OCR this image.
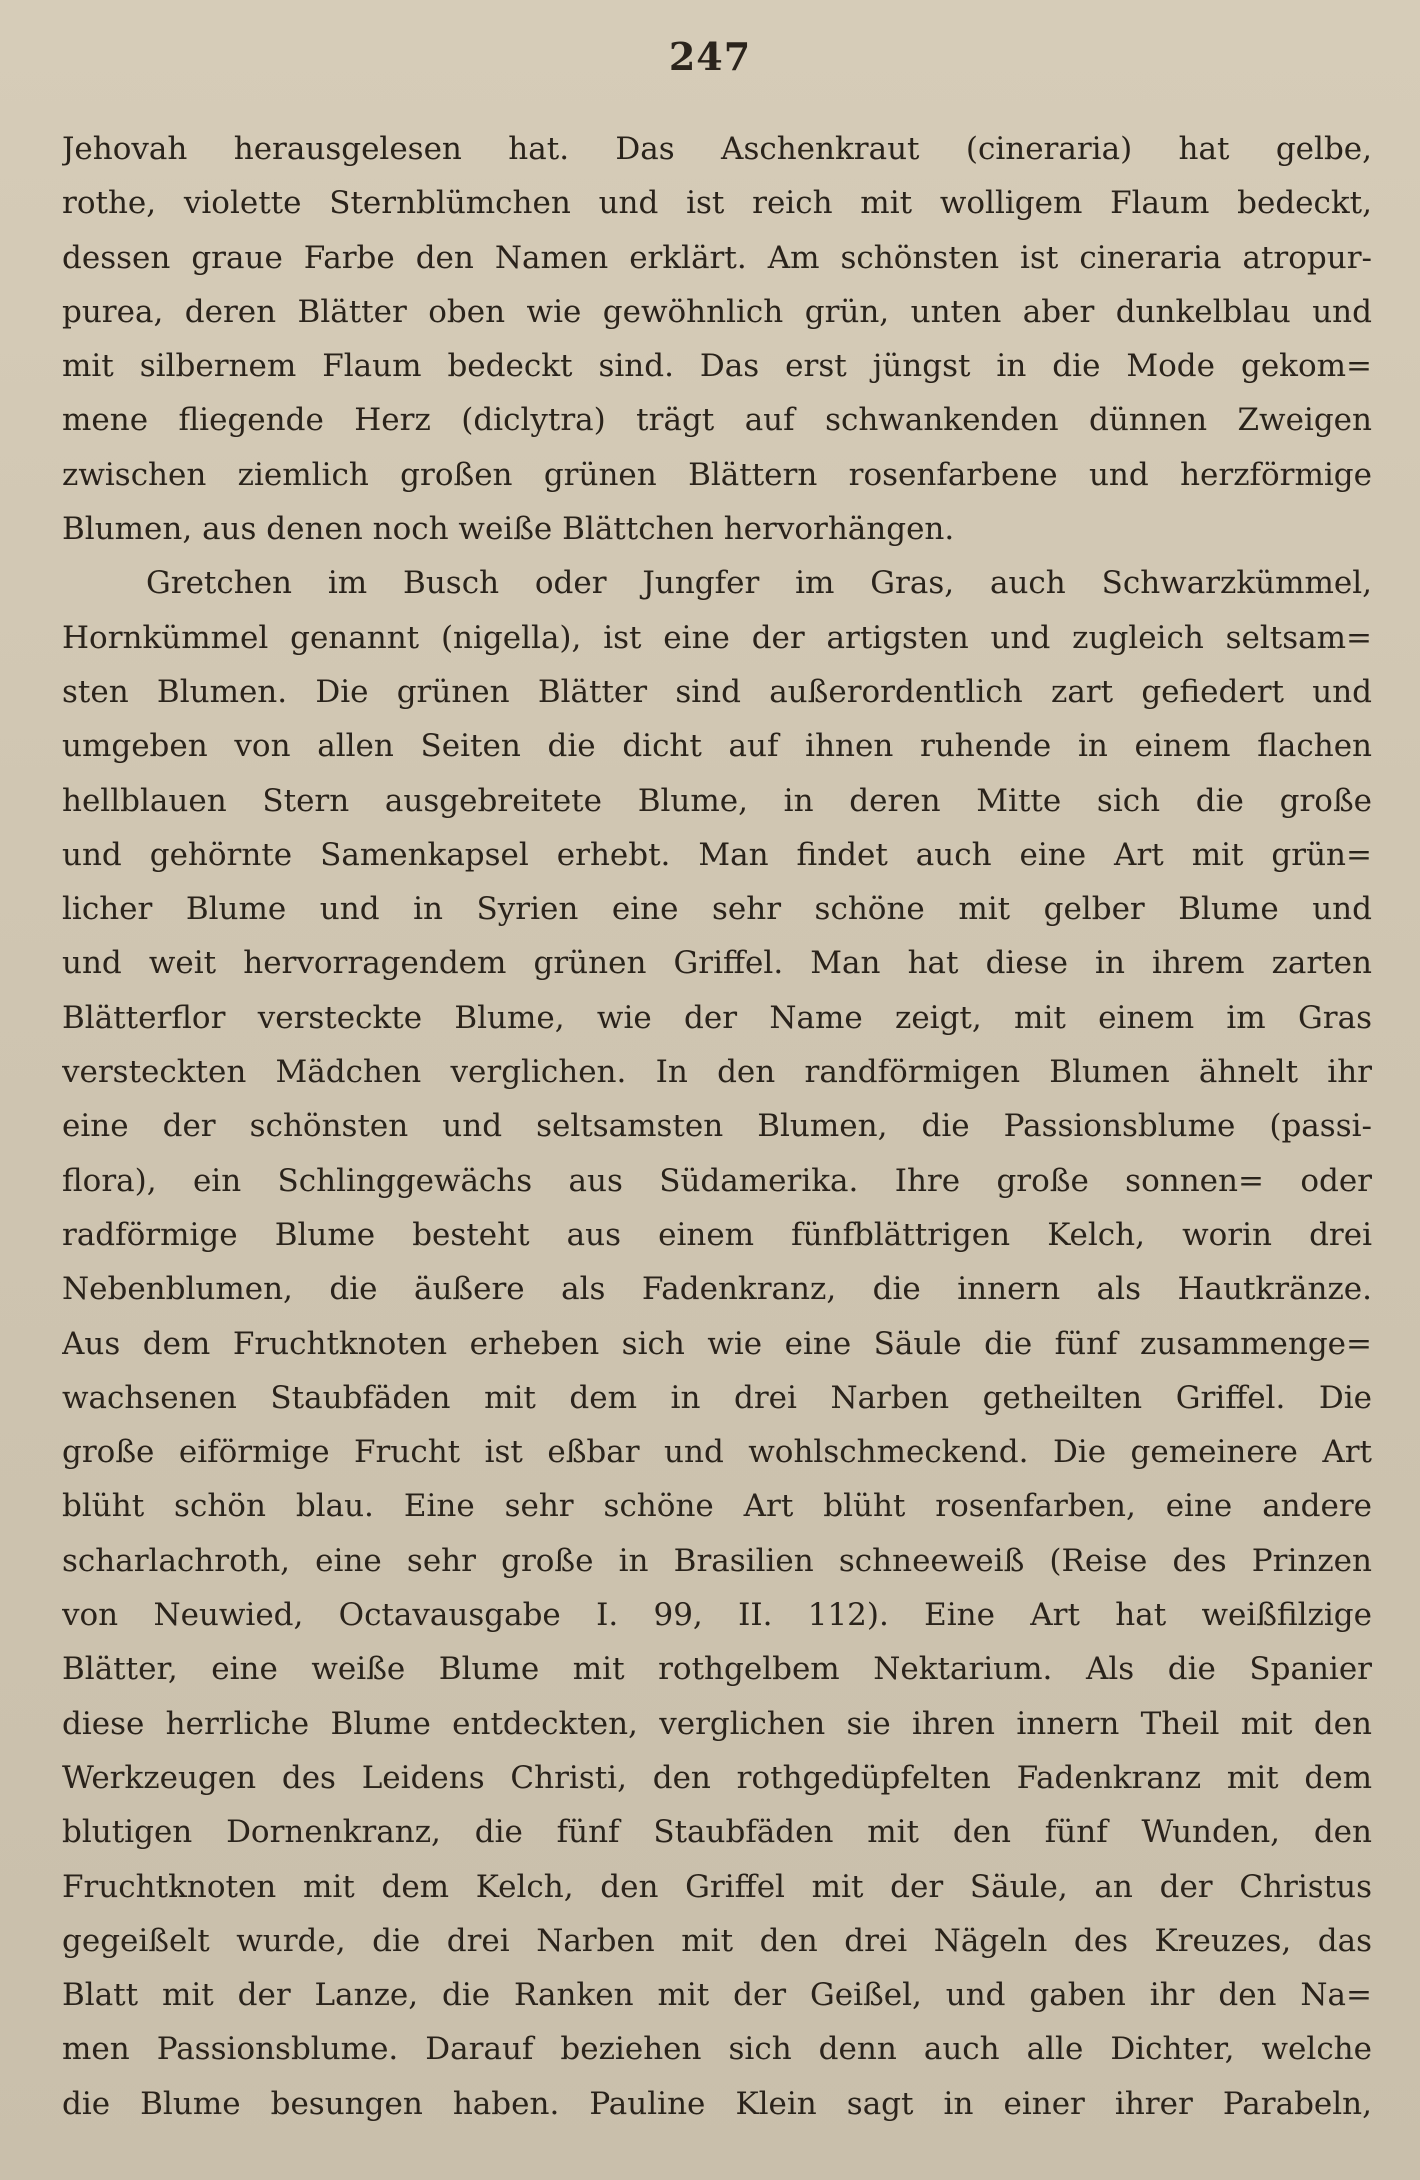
247
Jehovah herausgelesen hat. Das Aschenkraut (cineraria) hat gelbe,
rothe, violette Sternblümchen und ist reich mit wolligem Flaum bedeckt,
dessen graue Farbe den Namen erklärt. Am schönsten ist cineraria atropur-
purea, deren Blätter oben wie gewöhnlich grün, unten aber dunkelblau und
mit silbernem Flaum bedeckt sind. Das erst jüngst in die Mode gekom=
mene fliegende Herz (diclytra) trägt auf schwankenden dünnen Zweigen
zwischen ziemlich großen grünen Blättern rosenfarbene und herzförmige
Blumen, aus denen noch weiße Blättchen hervorhängen.
Gretchen im Busch oder Jungfer im Gras, auch Schwarzkümmel,
Hornkümmel genannt (nigella), ist eine der artigsten und zugleich seltsam=
sten Blumen. Die grünen Blätter sind außerordentlich zart gefiedert und
umgeben von allen Seiten die dicht auf ihnen ruhende in einem flachen
hellblauen Stern ausgebreitete Blume, in deren Mitte sich die große
und gehörnte Samenkapsel erhebt. Man findet auch eine Art mit grün=
licher Blume und in Syrien eine sehr schöne mit gelber Blume und
und weit hervorragendem grünen Griffel. Man hat diese in ihrem zarten
Blätterflor versteckte Blume, wie der Name zeigt, mit einem im Gras
versteckten Mädchen verglichen. In den randförmigen Blumen ähnelt ihr
eine der schönsten und seltsamsten Blumen, die Passionsblume (passi-
flora), ein Schlinggewächs aus Südamerika. Ihre große sonnen= oder
radförmige Blume besteht aus einem fünfblättrigen Kelch, worin drei
Nebenblumen, die äußere als Fadenkranz, die innern als Hautkränze.
Aus dem Fruchtknoten erheben sich wie eine Säule die fünf zusammenge=
wachsenen Staubfäden mit dem in drei Narben getheilten Griffel. Die
große eiförmige Frucht ist eßbar und wohlschmeckend. Die gemeinere Art
blüht schön blau. Eine sehr schöne Art blüht rosenfarben, eine andere
scharlachroth, eine sehr große in Brasilien schneeweiß (Reise des Prinzen
von Neuwied, Octavausgabe I. 99, II. 112). Eine Art hat weißfilzige
Blätter, eine weiße Blume mit rothgelbem Nektarium. Als die Spanier
diese herrliche Blume entdeckten, verglichen sie ihren innern Theil mit den
Werkzeugen des Leidens Christi, den rothgedüpfelten Fadenkranz mit dem
blutigen Dornenkranz, die fünf Staubfäden mit den fünf Wunden, den
Fruchtknoten mit dem Kelch, den Griffel mit der Säule, an der Christus
gegeißelt wurde, die drei Narben mit den drei Nägeln des Kreuzes, das
Blatt mit der Lanze, die Ranken mit der Geißel, und gaben ihr den Na=
men Passionsblume. Darauf beziehen sich denn auch alle Dichter, welche
die Blume besungen haben. Pauline Klein sagt in einer ihrer Parabeln,
